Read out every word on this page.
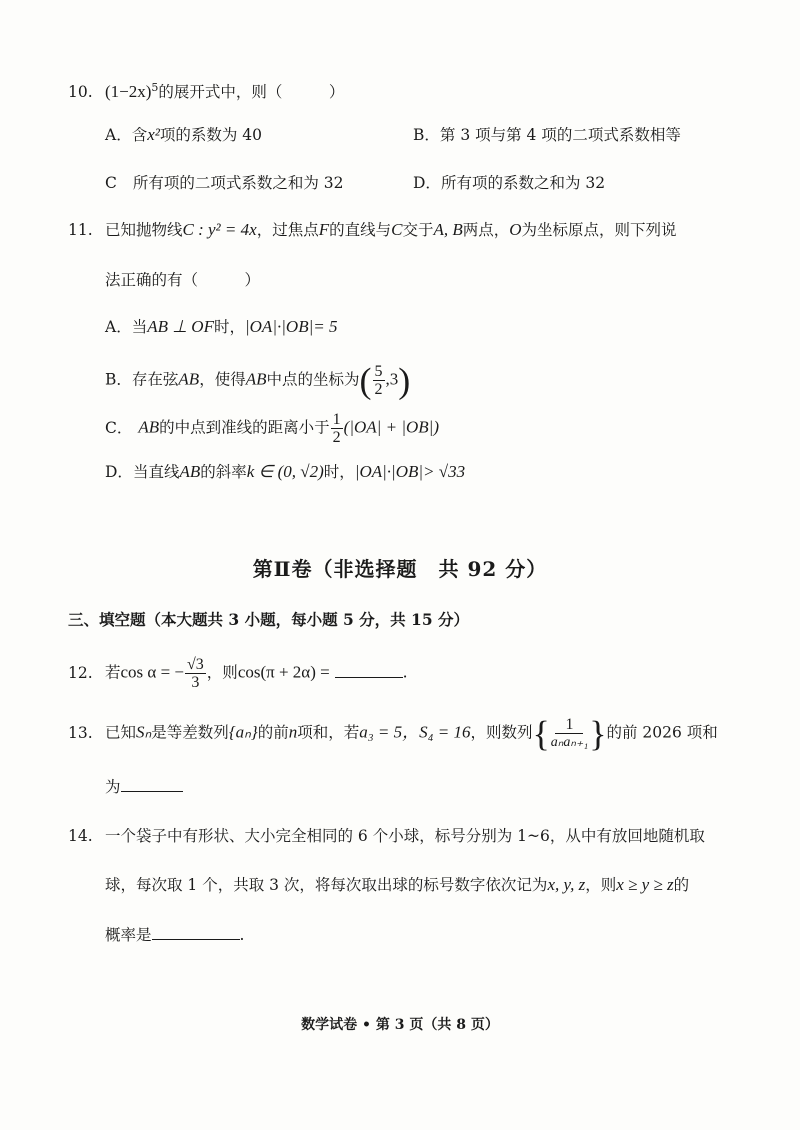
10. $(1-2x)^5$的展开式中，则（　　　）
A．含x²项的系数为 40	B．第 3 项与第 4 项的二项式系数相等
C 所有项的二项式系数之和为 32	D．所有项的系数之和为 32
11. 已知抛物线C : y² = 4x，过焦点F的直线与C交于A, B两点，O为坐标原点，则下列说
法正确的有（　　　）
A．当AB ⊥ OF时，|OA|·|OB|= 5
B．存在弦AB，使得AB中点的坐标为( $\frac{5}{2} ,3$)
C． AB的中点到准线的距离小于 $\frac{1}{2} (|OA| + |OB|)$
D．当直线AB的斜率k ∈ (0, √2)时，|OA|·|OB|> √33
第Ⅱ卷（非选择题　共 92 分）
三、填空题（本大题共 3 小题，每小题 5 分，共 15 分）
12. 若cos α = − $\frac{√3}{3}$ ，则cos(π + 2α) =	.
13. 已知Sₙ是等差数列{aₙ}的前n项和，若a₃ = 5，S₄ = 16，则数列{ $\frac{1}{\text{aₙaₙ₊₁}}$ }的前 2026 项和
为
14. 一个袋子中有形状、大小完全相同的 6 个小球，标号分别为 1~6，从中有放回地随机取
球，每次取 1 个，共取 3 次，将每次取出球的标号数字依次记为x, y, z，则x ≥ y ≥ z的
概率是	.
数学试卷 • 第 3 页（共 8 页）
